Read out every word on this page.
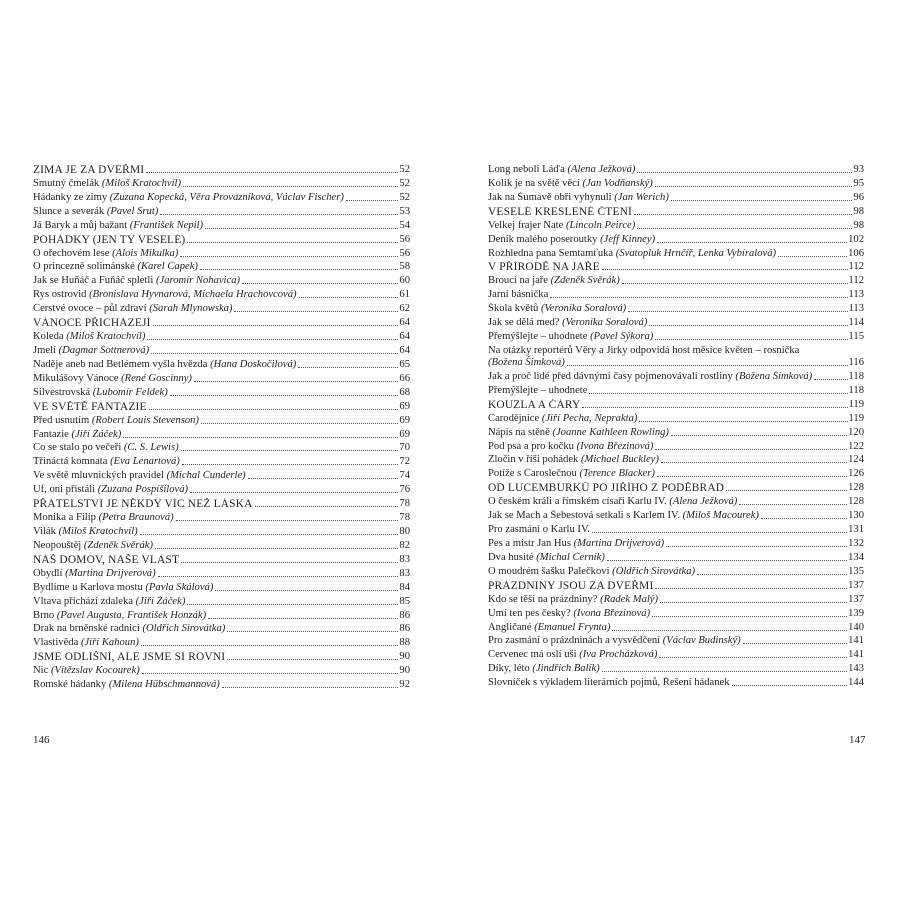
ZIMA JE ZA DVEŘMI	52
Smutný čmelák (Miloš Kratochvíl)	52
Hádanky ze zimy (Zuzana Kopecká, Věra Provazníková, Václav Fischer)	52
Slunce a severák (Pavel Šrut)	53
Já Baryk a můj bažant (František Nepil)	54
POHÁDKY (JEN TY VESELÉ)	56
O ořechovém lese (Alois Mikulka)	56
O princezně solimánské (Karel Čapek)	58
Jak se Huňáč a Fuňáč spletli (Jaromír Nohavica)	60
Rys ostrovid (Bronislava Hyvnarová, Michaela Hrachovcová)	61
Čerstvé ovoce – půl zdraví (Sarah Mlynowska)	62
VÁNOCE PŘICHÁZEJÍ	64
Koleda (Miloš Kratochvíl)	64
Jmelí (Dagmar Šottnerová)	64
Naděje aneb nad Betlémem vyšla hvězda (Hana Doskočilová)	65
Mikulášovy Vánoce (René Goscinny)	66
Silvestrovská (Lubomír Feldek)	68
VE SVĚTĚ FANTAZIE	69
Před usnutím (Robert Louis Stevenson)	69
Fantazie (Jiří Žáček)	69
Co se stalo po večeři (C. S. Lewis)	70
Třináctá komnata (Eva Lenartová)	72
Ve světě mluvnických pravidel (Michal Čunderle)	74
Uf, oni přistáli (Zuzana Pospíšilová)	76
PŘÁTELSTVÍ JE NĚKDY VÍC NEŽ LÁSKA	78
Monika a Filip (Petra Braunová)	78
Vilák (Miloš Kratochvíl)	80
Neopouštěj (Zdeněk Svěrák)	82
NÁŠ DOMOV, NAŠE VLAST	83
Obydlí (Martina Drijverová)	83
Bydlíme u Karlova mostu (Pavla Skálová)	84
Vltava přichází zdaleka (Jiří Žáček)	85
Brno (Pavel Augusta, František Honzák)	86
Drak na brněnské radnici (Oldřich Sirovátka)	86
Vlastivěda (Jiří Kahoun)	88
JSME ODLIŠNÍ, ALE JSME SI ROVNI	90
Nic (Vítězslav Kocourek)	90
Romské hádanky (Milena Hübschmannová)	92
146
Long neboli Láďa (Alena Ježková)	93
Kolik je na světě věcí (Jan Vodňanský)	95
Jak na Šumavě obři vyhynuli (Jan Werich)	96
VESELÉ KRESLENÉ ČTENÍ	98
Velkej frajer Nate (Lincoln Peirce)	98
Deník malého poseroutky (Jeff Kinney)	102
Rozhledna pana Semtamťuka (Svatopluk Hrnčíř, Lenka Vybíralová)	106
V PŘÍRODĚ NA JAŘE	112
Brouci na jaře (Zdeněk Svěrák)	112
Jarní básnička	113
Škola květů (Veronika Soralová)	113
Jak se dělá med? (Veronika Soralová)	114
Přemýšlejte – uhodnete (Pavel Sýkora)	115
Na otázky reportérů Věry a Jirky odpovídá host měsíce květen – rosnička
(Božena Šimková)	116
Jak a proč lidé před dávnými časy pojmenovávali rostliny (Božena Šimková)	118
Přemýšlejte – uhodnete	118
KOUZLA A ČÁRY	119
Čarodějnice (Jiří Pecha, Neprakta)	119
Nápis na stěně (Joanne Kathleen Rowling)	120
Pod psa a pro kočku (Ivona Březinová)	122
Zločin v říši pohádek (Michael Buckley)	124
Potíže s Čaroslečnou (Terence Blacker)	126
OD LUCEMBURKŮ PO JIŘÍHO Z PODĚBRAD	128
O českém králi a římském císaři Karlu IV. (Alena Ježková)	128
Jak se Mach a Šebestová setkali s Karlem IV. (Miloš Macourek)	130
Pro zasmání o Karlu IV.	131
Pes a mistr Jan Hus (Martina Drijverová)	132
Dva husité (Michal Černík)	134
O moudrém šašku Palečkovi (Oldřich Sirovátka)	135
PRÁZDNINY JSOU ZA DVEŘMI	137
Kdo se těší na prázdniny? (Radek Malý)	137
Umí ten pes česky? (Ivona Březinová)	139
Angličané (Emanuel Frynta)	140
Pro zasmání o prázdninách a vysvědčení (Václav Budinský)	141
Červenec má oslí uši (Iva Procházková)	141
Díky, léto (Jindřich Balík)	143
Slovníček s výkladem literárních pojmů, Řešení hádanek	144
147
